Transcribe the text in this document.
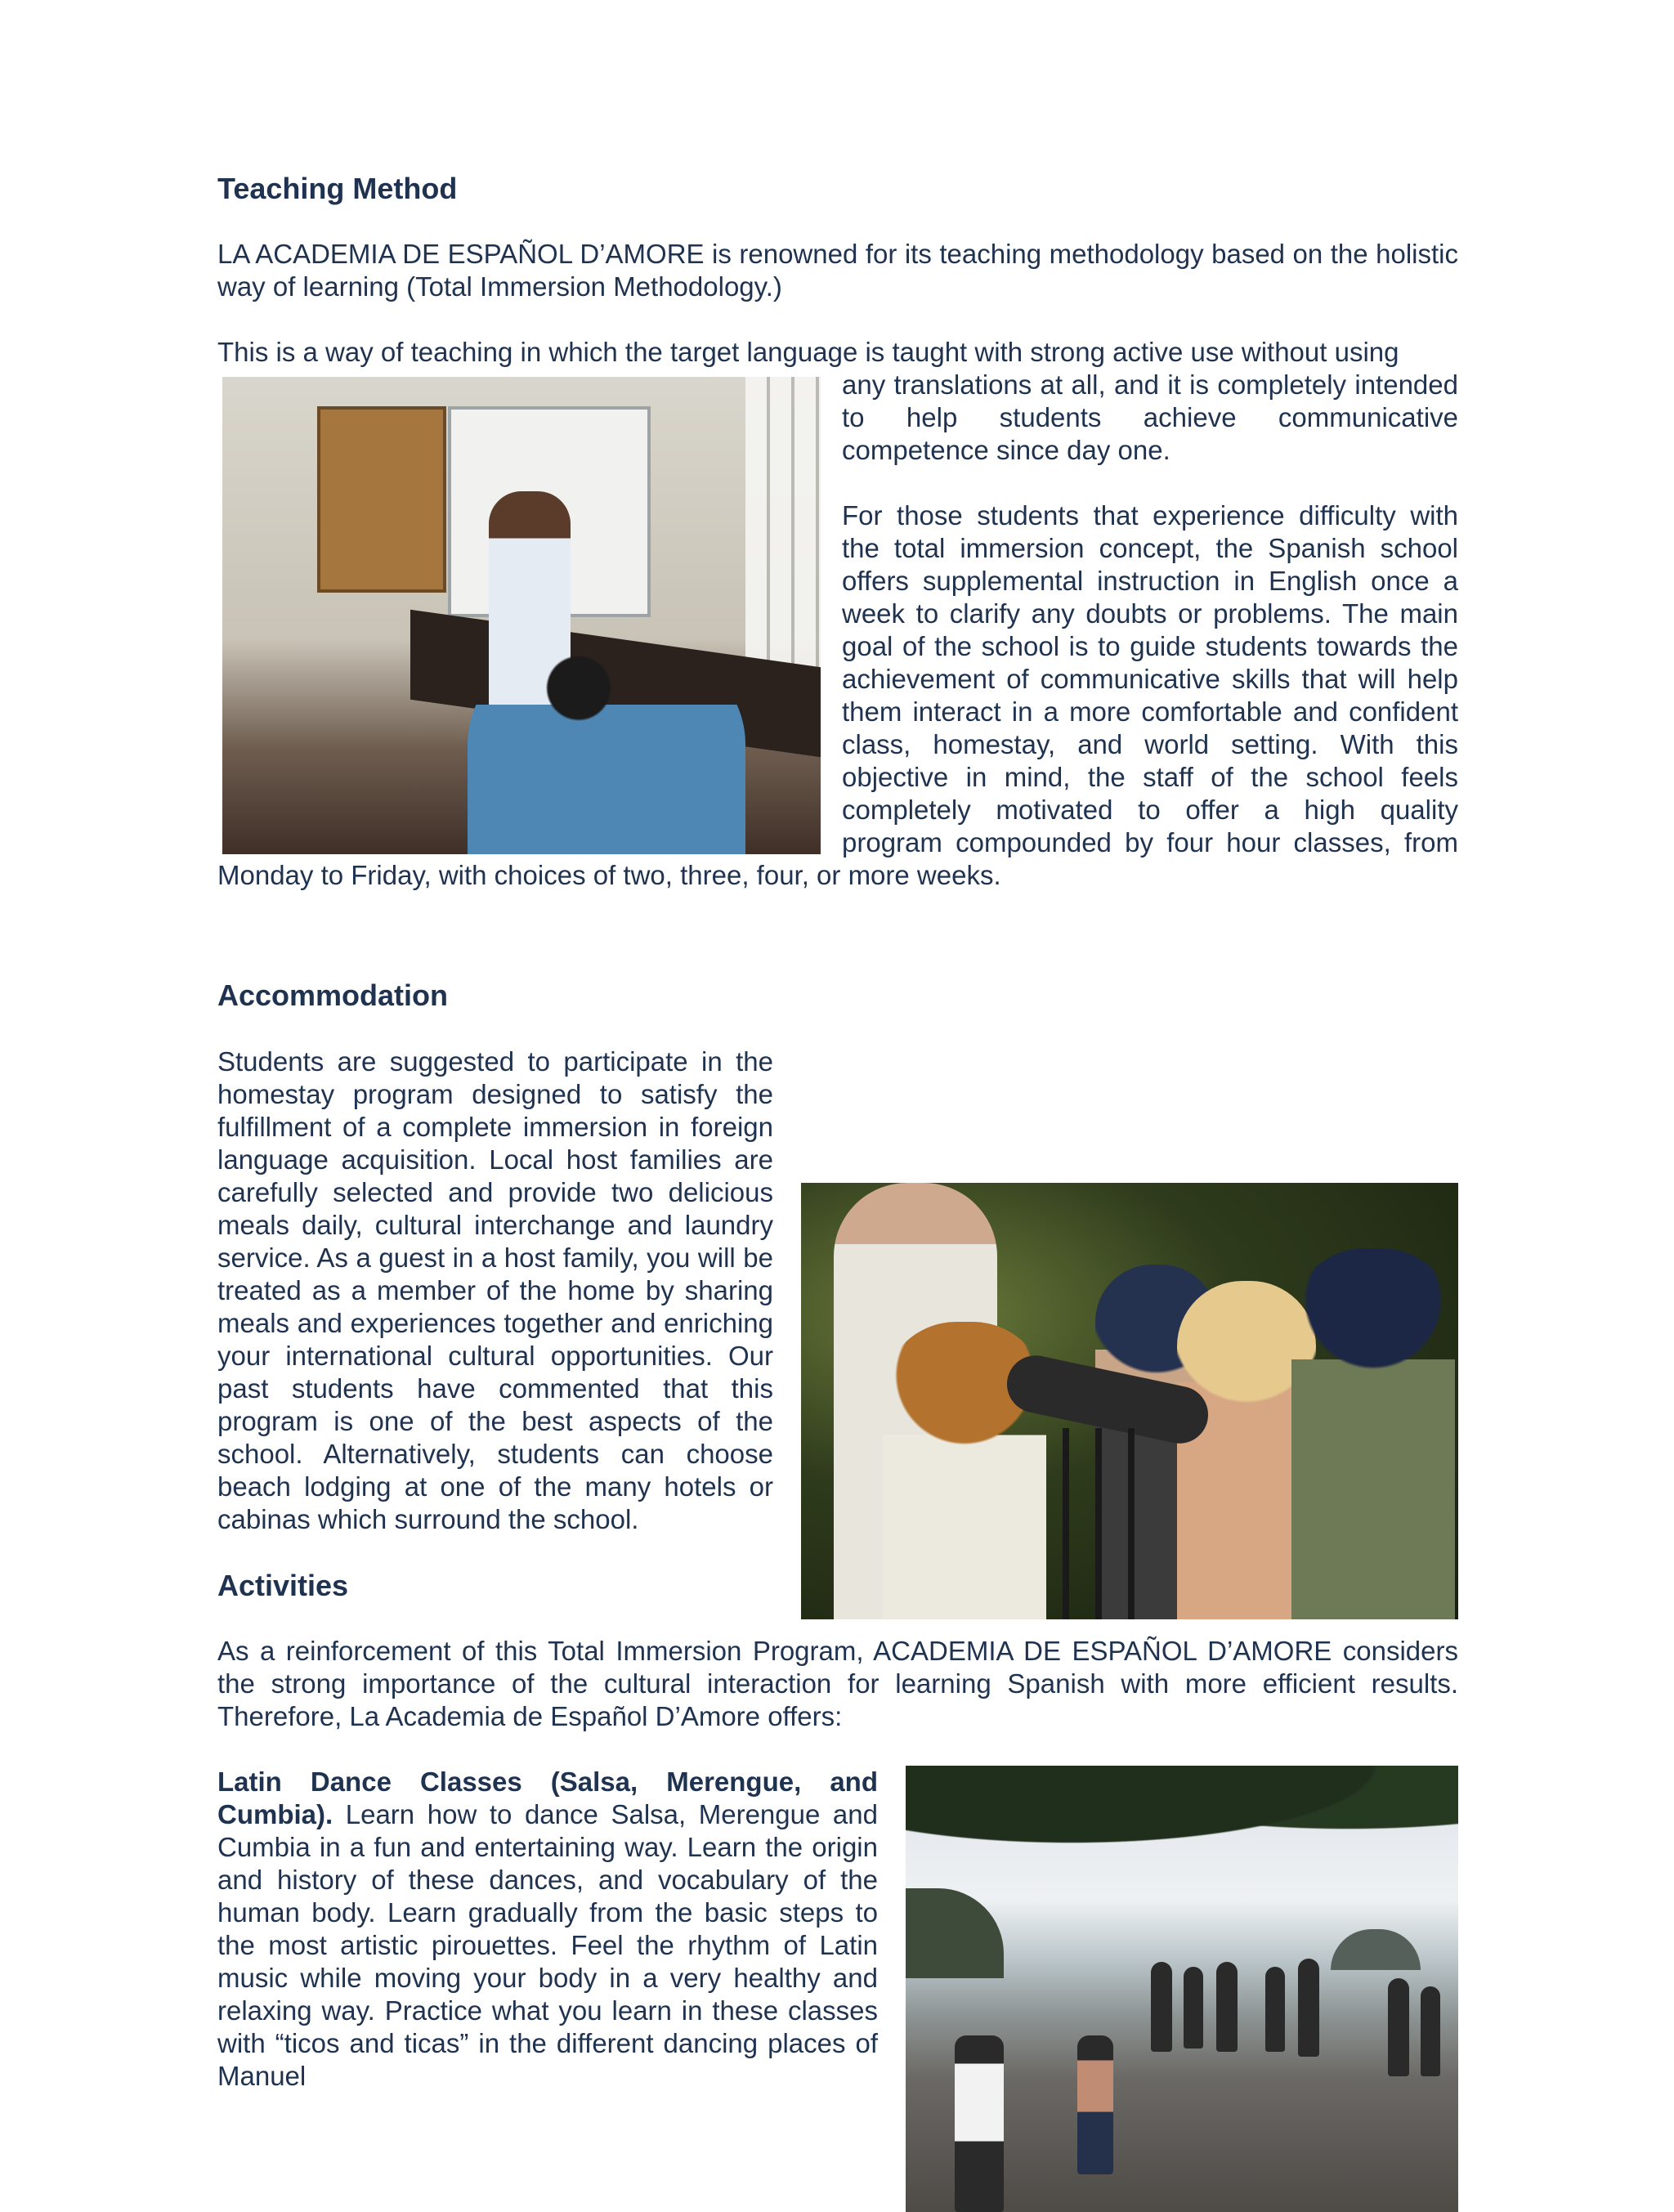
Teaching Method

LA ACADEMIA DE ESPAÑOL D’AMORE is renowned for its teaching methodology based on the holistic way of learning (Total Immersion Methodology.)

This is a way of teaching in which the target language is taught with strong active use without using

any translations at all, and it is completely intended to help students achieve communicative competence since day one.

For those students that experience difficulty with the total immersion concept, the Spanish school offers supplemental instruction in English once a week to clarify any doubts or problems. The main goal of the school is to guide students towards the achievement of communicative skills that will help them interact in a more comfortable and confident class, homestay, and world setting. With this objective in mind, the staff of the school feels completely motivated to offer a high quality program compounded by four hour classes, from Monday to Friday, with choices of two, three, four, or more weeks.

Accommodation

Students are suggested to participate in the homestay program designed to satisfy the fulfillment of a complete immersion in foreign language acquisition. Local host families are carefully selected and provide two delicious meals daily, cultural interchange and laundry service. As a guest in a host family, you will be treated as a member of the home by sharing meals and experiences together and enriching your international cultural opportunities. Our past students have commented that this program is one of the best aspects of the school. Alternatively, students can choose beach lodging at one of the many hotels or cabinas which surround the school.

Activities

As a reinforcement of this Total Immersion Program, ACADEMIA DE ESPAÑOL D’AMORE considers the strong importance of the cultural interaction for learning Spanish with more efficient results. Therefore, La Academia de Español D’Amore offers:

Latin Dance Classes (Salsa, Merengue, and Cumbia). Learn how to dance Salsa, Merengue and Cumbia in a fun and entertaining way. Learn the origin and history of these dances, and vocabulary of the human body. Learn gradually from the basic steps to the most artistic pirouettes. Feel the rhythm of Latin music while moving your body in a very healthy and relaxing way. Practice what you learn in these classes with “ticos and ticas” in the different dancing places of Manuel
